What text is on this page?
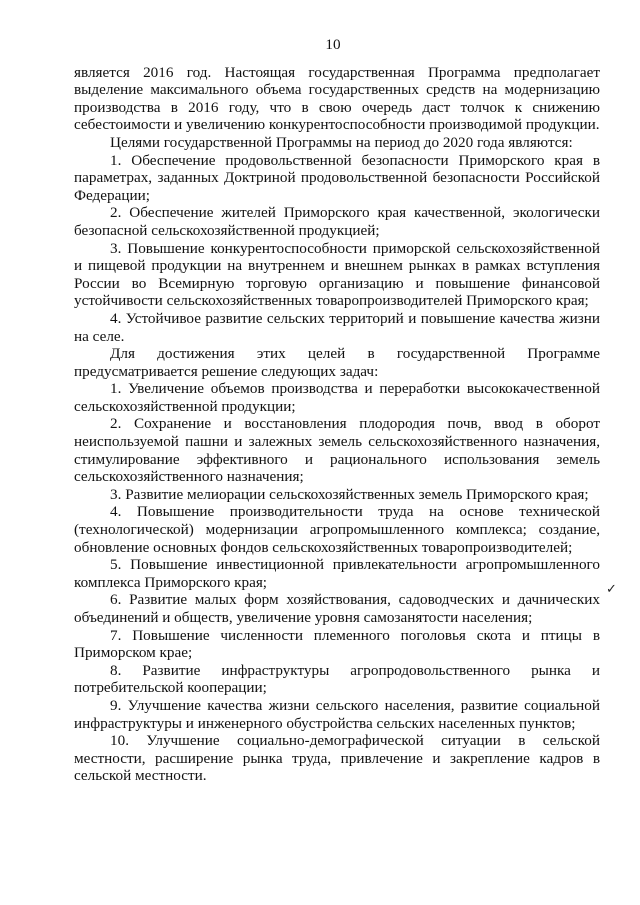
10

является 2016 год. Настоящая государственная Программа предполагает выделение максимального объема государственных средств на модернизацию производства в 2016 году, что в свою очередь даст толчок к снижению себестоимости и увеличению конкурентоспособности производимой продукции.

Целями государственной Программы на период до 2020 года являются:

1. Обеспечение продовольственной безопасности Приморского края в параметрах, заданных Доктриной продовольственной безопасности Российской Федерации;

2. Обеспечение жителей Приморского края качественной, экологически безопасной сельскохозяйственной продукцией;

3. Повышение конкурентоспособности приморской сельскохозяйственной и пищевой продукции на внутреннем и внешнем рынках в рамках вступления России во Всемирную торговую организацию и повышение финансовой устойчивости сельскохозяйственных товаропроизводителей Приморского края;

4. Устойчивое развитие сельских территорий и повышение качества жизни на селе.

Для достижения этих целей в государственной Программе предусматривается решение следующих задач:

1. Увеличение объемов производства и переработки высококачественной сельскохозяйственной продукции;

2. Сохранение и восстановления плодородия почв, ввод в оборот неиспользуемой пашни и залежных земель сельскохозяйственного назначения, стимулирование эффективного и рационального использования земель сельскохозяйственного назначения;

3. Развитие мелиорации сельскохозяйственных земель Приморского края;

4. Повышение производительности труда на основе технической (технологической) модернизации агропромышленного комплекса; создание, обновление основных фондов сельскохозяйственных товаропроизводителей;

5. Повышение инвестиционной привлекательности агропромышленного комплекса Приморского края;

6. Развитие малых форм хозяйствования, садоводческих и дачнических объединений и обществ, увеличение уровня самозанятости населения;

7. Повышение численности племенного поголовья скота и птицы в Приморском крае;

8. Развитие инфраструктуры агропродовольственного рынка и потребительской кооперации;

9. Улучшение качества жизни сельского населения, развитие социальной инфраструктуры и инженерного обустройства сельских населенных пунктов;

10. Улучшение социально-демографической ситуации в сельской местности, расширение рынка труда, привлечение и закрепление кадров в сельской местности.

✓
